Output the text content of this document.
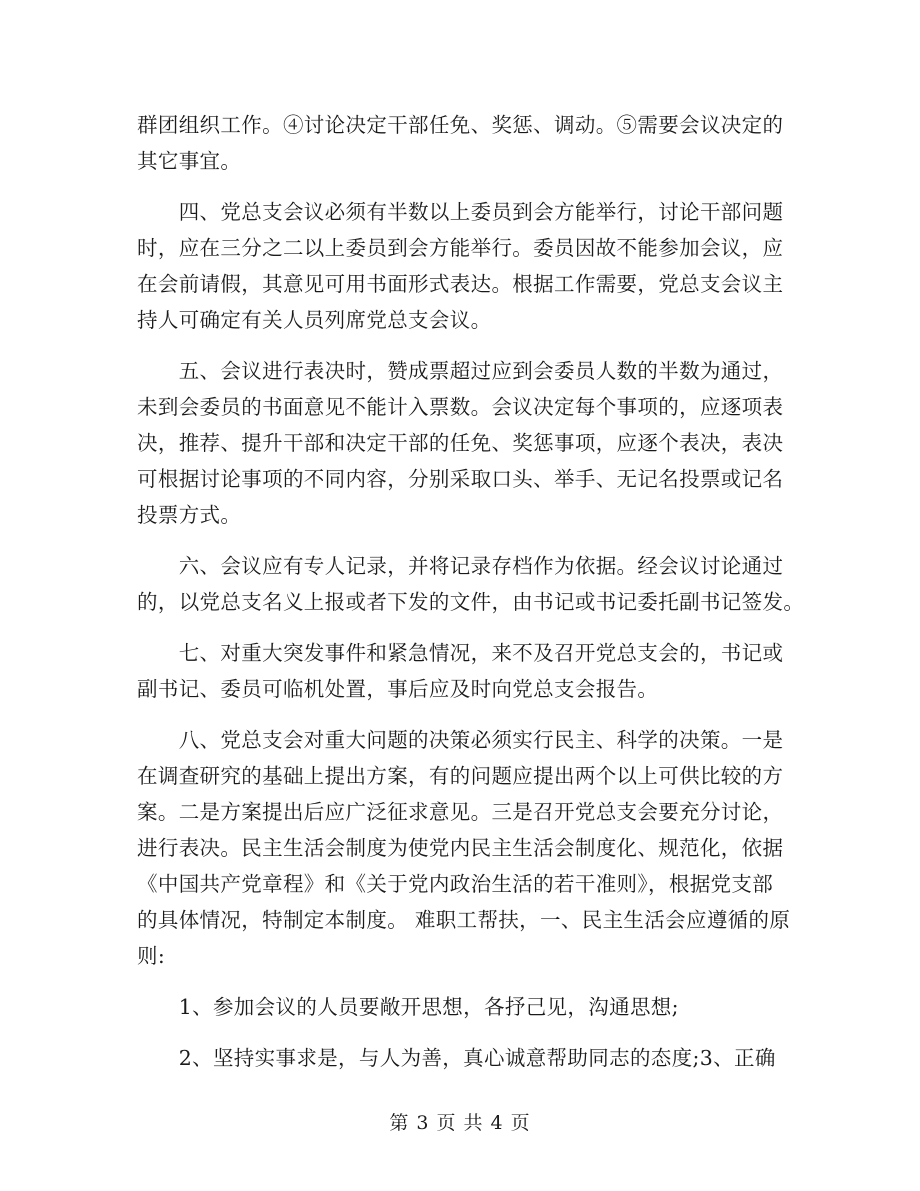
群团组织工作。④讨论决定干部任免、奖惩、调动。⑤需要会议决定的
其它事宜。
　　四、党总支会议必须有半数以上委员到会方能举行，讨论干部问题
时，应在三分之二以上委员到会方能举行。委员因故不能参加会议，应
在会前请假，其意见可用书面形式表达。根据工作需要，党总支会议主
持人可确定有关人员列席党总支会议。
　　五、会议进行表决时，赞成票超过应到会委员人数的半数为通过，
未到会委员的书面意见不能计入票数。会议决定每个事项的，应逐项表
决，推荐、提升干部和决定干部的任免、奖惩事项，应逐个表决，表决
可根据讨论事项的不同内容，分别采取口头、举手、无记名投票或记名
投票方式。
　　六、会议应有专人记录，并将记录存档作为依据。经会议讨论通过
的，以党总支名义上报或者下发的文件，由书记或书记委托副书记签发。
　　七、对重大突发事件和紧急情况，来不及召开党总支会的，书记或
副书记、委员可临机处置，事后应及时向党总支会报告。
　　八、党总支会对重大问题的决策必须实行民主、科学的决策。一是
在调查研究的基础上提出方案，有的问题应提出两个以上可供比较的方
案。二是方案提出后应广泛征求意见。三是召开党总支会要充分讨论，
进行表决。民主生活会制度为使党内民主生活会制度化、规范化，依据
《中国共产党章程》和《关于党内政治生活的若干准则》，根据党支部
的具体情况，特制定本制度。 难职工帮扶，一、民主生活会应遵循的原
则:
　　1、参加会议的人员要敞开思想，各抒己见，沟通思想;
　　2、坚持实事求是，与人为善，真心诚意帮助同志的态度;3、正确
第 3 页 共 4 页
